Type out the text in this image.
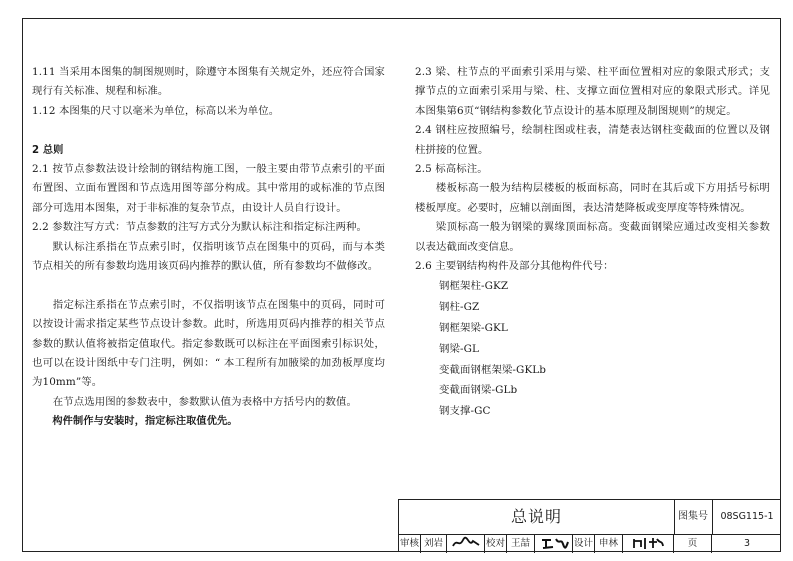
1.11 当采用本图集的制图规则时，除遵守本图集有关规定外，还应符合国家现行有关标准、规程和标准。

1.12 本图集的尺寸以毫米为单位，标高以米为单位。

2 总则

2.1 按节点参数法设计绘制的钢结构施工图，一般主要由带节点索引的平面布置图、立面布置图和节点选用图等部分构成。其中常用的或标准的节点图部分可选用本图集，对于非标准的复杂节点，由设计人员自行设计。

2.2 参数注写方式：节点参数的注写方式分为默认标注和指定标注两种。

默认标注系指在节点索引时，仅指明该节点在图集中的页码，而与本类节点相关的所有参数均选用该页码内推荐的默认值，所有参数均不做修改。

指定标注系指在节点索引时，不仅指明该节点在图集中的页码，同时可以按设计需求指定某些节点设计参数。此时，所选用页码内推荐的相关节点参数的默认值将被指定值取代。指定参数既可以标注在平面图索引标识处，也可以在设计图纸中专门注明，例如：“ 本工程所有加腋梁的加劲板厚度均为10mm”等。

在节点选用图的参数表中，参数默认值为表格中方括号内的数值。

构件制作与安装时，指定标注取值优先。

2.3 梁、柱节点的平面索引采用与梁、柱平面位置相对应的象限式形式；支撑节点的立面索引采用与梁、柱、支撑立面位置相对应的象限式形式。详见本图集第6页“钢结构参数化节点设计的基本原理及制图规则”的规定。

2.4 钢柱应按照编号，绘制柱图或柱表，清楚表达钢柱变截面的位置以及钢柱拼接的位置。

2.5 标高标注。

楼板标高一般为结构层楼板的板面标高，同时在其后或下方用括号标明楼板厚度。必要时，应辅以剖面图，表达清楚降板或变厚度等特殊情况。

梁顶标高一般为钢梁的翼缘顶面标高。变截面钢梁应通过改变相关参数以表达截面改变信息。

2.6 主要钢结构构件及部分其他构件代号：

钢框架柱-GKZ
钢柱-GZ
钢框架梁-GKL
钢梁-GL
变截面钢框架梁-GKLb
变截面钢梁-GLb
钢支撑-GC
总说明	图集号	08SG115-1
审核 刘岩	校对 王喆	设计 申林	页	3
